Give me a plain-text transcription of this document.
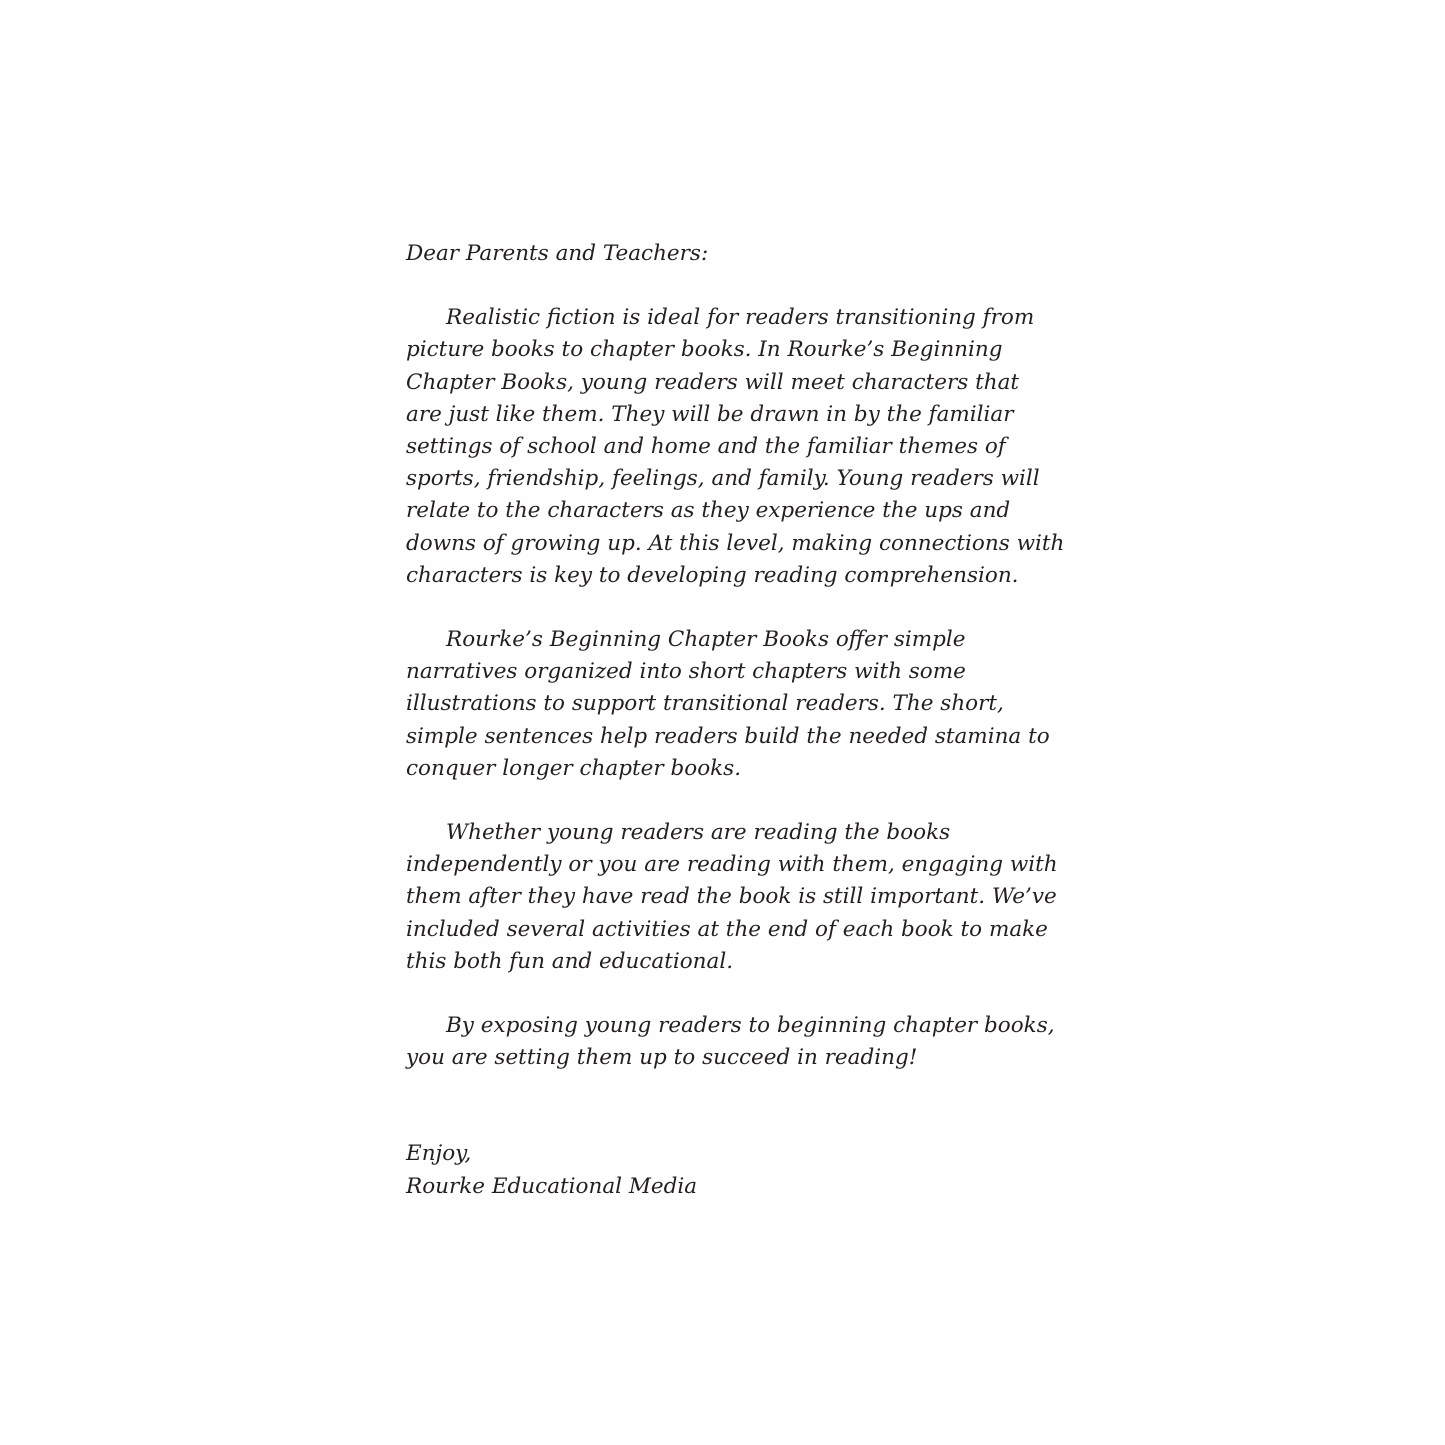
Dear Parents and Teachers:
Realistic fiction is ideal for readers transitioning from
picture books to chapter books. In Rourke’s Beginning
Chapter Books, young readers will meet characters that
are just like them. They will be drawn in by the familiar
settings of school and home and the familiar themes of
sports, friendship, feelings, and family. Young readers will
relate to the characters as they experience the ups and
downs of growing up. At this level, making connections with
characters is key to developing reading comprehension.
Rourke’s Beginning Chapter Books offer simple
narratives organized into short chapters with some
illustrations to support transitional readers. The short,
simple sentences help readers build the needed stamina to
conquer longer chapter books.
Whether young readers are reading the books
independently or you are reading with them, engaging with
them after they have read the book is still important. We’ve
included several activities at the end of each book to make
this both fun and educational.
By exposing young readers to beginning chapter books,
you are setting them up to succeed in reading!
Enjoy,
Rourke Educational Media
